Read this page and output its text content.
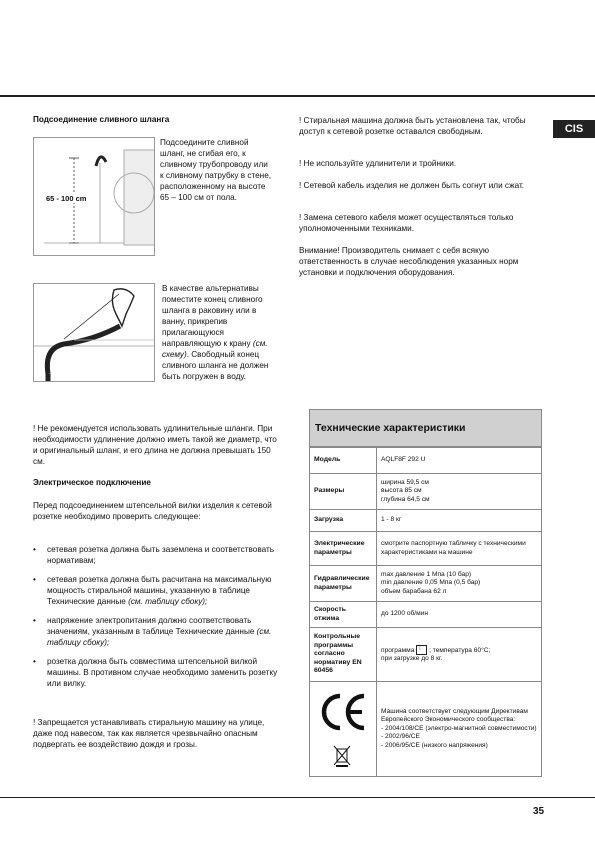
CIS
Подсоединение сливного шланга
65 - 100 cm
Подсоедините сливной шланг, не сгибая его, к сливному трубопроводу или к сливному патрубку в стене, расположенному на высоте 65 – 100 см от пола.
В качестве альтернативы поместите конец сливного шланга в раковину или в ванну, прикрепив прилагающуюся направляющую к крану (см. схему). Свободный конец сливного шланга не должен быть погружен в воду.
! Не рекомендуется использовать удлинительные шланги. При необходимости удлинение должно иметь такой же диаметр, что и оригинальный шланг, и его длина не должна превышать 150 см.
Электрическое подключение
Перед подсоединением штепсельной вилки изделия к сетевой розетке необходимо проверить следующее:
• сетевая розетка должна быть заземлена и соответствовать нормативам;
• сетевая розетка должна быть расчитана на максимальную мощность стиральной машины, указанную в таблице Технические данные (см. таблицу сбоку);
• напряжение электропитания должно соответствовать значениям, указанным в таблице Технические данные (см. таблицу сбоку);
• розетка должна быть совместима штепсельной вилкой машины. В противном случае необходимо заменить розетку или вилку.
! Запрещается устанавливать стиральную машину на улице, даже под навесом, так как является чрезвычайно опасным подвергать ее воздействию дождя и грозы.
! Стиральная машина должна быть установлена так, чтобы доступ к сетевой розетке оставался свободным.
! Не используйте удлинители и тройники.
! Сетевой кабель изделия не должен быть согнут или сжат.
! Замена сетевого кабеля может осуществляться только уполномоченными техниками.
Внимание! Производитель снимает с себя всякую ответственность в случае несоблюдения указанных норм установки и подключения оборудования.
Технические характеристики
Модель	AQLF8F 292 U
Размеры	ширина 59,5 см
высота 85 см
глубина 64,5 см

Загрузка	1 - 8 кг
Электрические параметры	смотрите паспортную табличку с техническими характеристиками на машине
Гидравлические параметры	max давление 1 Мпа (10 бар)
min давление 0,05 Мпа (0,5 бар)
объем барабана 62 л

Скорость отжима	до 1200 об/мин
Контрольные программы согласно нормативу EN 60456	программа ⁞ ; температура 60°С;
при загрузке до 8 кг.

Машина соответствует следующим Директивам Европейского Экономического сообщества:
- 2004/108/CE (электро-магнитной совместимости)
- 2002/96/CE
- 2006/95/CE (низкого напряжения)
35
